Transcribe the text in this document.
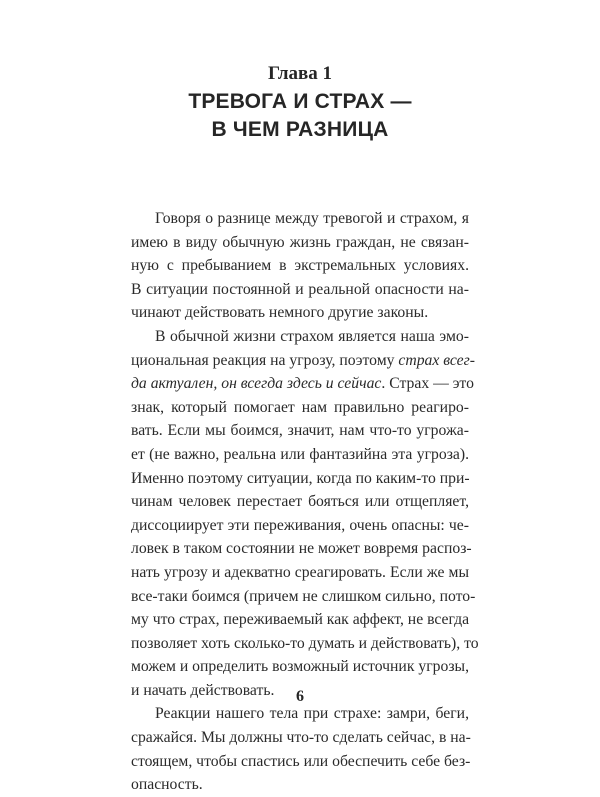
Глава 1
ТРЕВОГА И СТРАХ —
В ЧЕМ РАЗНИЦА
Говоря о разнице между тревогой и страхом, я
имею в виду обычную жизнь граждан, не связан-
ную с пребыванием в экстремальных условиях.
В ситуации постоянной и реальной опасности на-
чинают действовать немного другие законы.
В обычной жизни страхом является наша эмо-
циональная реакция на угрозу, поэтому страх всег-
да актуален, он всегда здесь и сейчас. Страх — это
знак, который помогает нам правильно реагиро-
вать. Если мы боимся, значит, нам что-то угрожа-
ет (не важно, реальна или фантазийна эта угроза).
Именно поэтому ситуации, когда по каким-то при-
чинам человек перестает бояться или отщепляет,
диссоциирует эти переживания, очень опасны: че-
ловек в таком состоянии не может вовремя распоз-
нать угрозу и адекватно среагировать. Если же мы
все-таки боимся (причем не слишком сильно, пото-
му что страх, переживаемый как аффект, не всегда
позволяет хоть сколько-то думать и действовать), то
можем и определить возможный источник угрозы,
и начать действовать.
Реакции нашего тела при страхе: замри, беги,
сражайся. Мы должны что-то сделать сейчас, в на-
стоящем, чтобы спастись или обеспечить себе без-
опасность.
6
